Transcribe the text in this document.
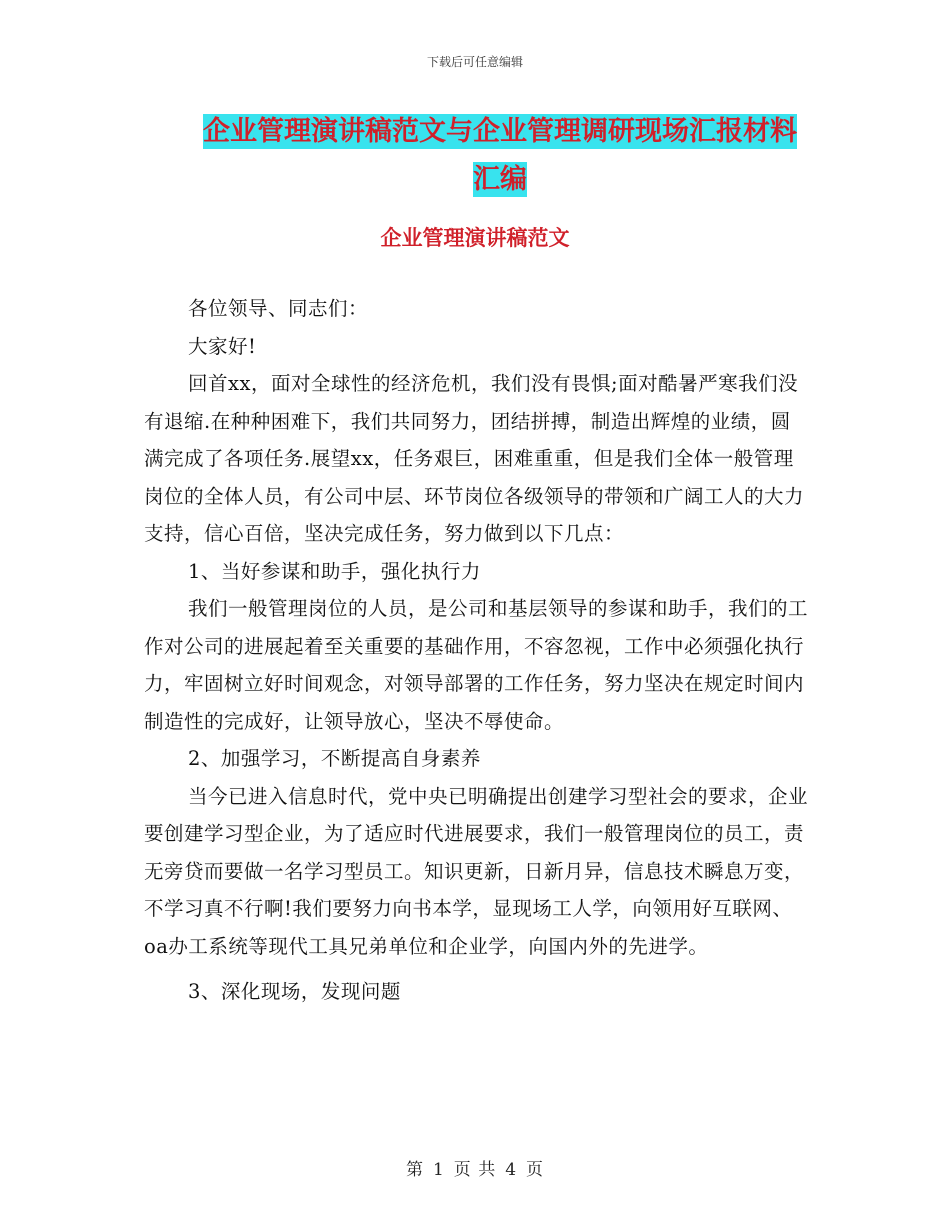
下载后可任意编辑
企业管理演讲稿范文与企业管理调研现场汇报材料汇编
企业管理演讲稿范文

各位领导、同志们：

大家好!

回首xx，面对全球性的经济危机，我们没有畏惧;面对酷暑严寒我们没有退缩.在种种困难下，我们共同努力，团结拼搏，制造出辉煌的业绩，圆满完成了各项任务.展望xx，任务艰巨，困难重重，但是我们全体一般管理岗位的全体人员，有公司中层、环节岗位各级领导的带领和广阔工人的大力支持，信心百倍，坚决完成任务，努力做到以下几点：

1、当好参谋和助手，强化执行力

我们一般管理岗位的人员，是公司和基层领导的参谋和助手，我们的工作对公司的进展起着至关重要的基础作用，不容忽视，工作中必须强化执行力，牢固树立好时间观念，对领导部署的工作任务，努力坚决在规定时间内制造性的完成好，让领导放心，坚决不辱使命。

2、加强学习，不断提高自身素养

当今已进入信息时代，党中央已明确提出创建学习型社会的要求，企业要创建学习型企业，为了适应时代进展要求，我们一般管理岗位的员工，责无旁贷而要做一名学习型员工。知识更新，日新月异，信息技术瞬息万变，不学习真不行啊!我们要努力向书本学，显现场工人学，向领用好互联网、oa办工系统等现代工具兄弟单位和企业学，向国内外的先进学。

3、深化现场，发现问题

第 1 页 共 4 页
